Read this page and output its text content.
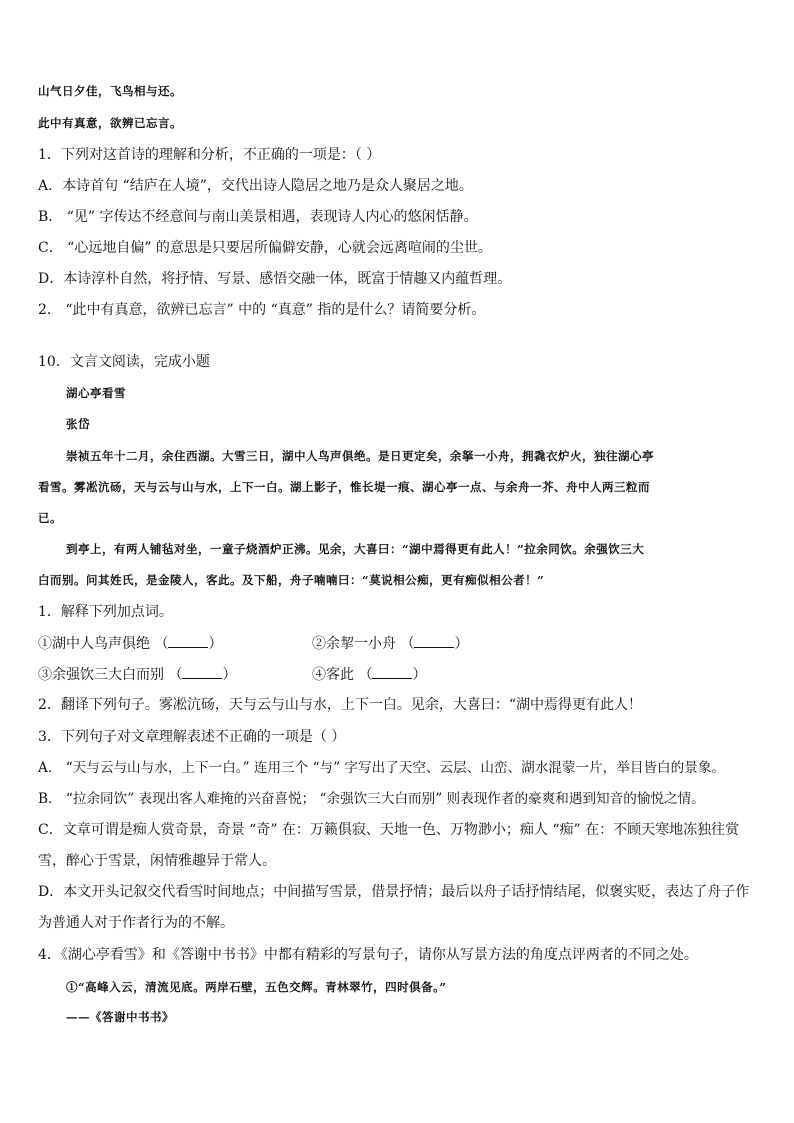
山气日夕佳，飞鸟相与还。
此中有真意，欲辨已忘言。
1．下列对这首诗的理解和分析，不正确的一项是：（ ）
A．本诗首句 “结庐在人境”，交代出诗人隐居之地乃是众人聚居之地。
B． “见” 字传达不经意间与南山美景相遇，表现诗人内心的悠闲恬静。
C． “心远地自偏” 的意思是只要居所偏僻安静，心就会远离喧闹的尘世。
D．本诗淳朴自然，将抒情、写景、感悟交融一体，既富于情趣又内蕴哲理。
2． “此中有真意，欲辨已忘言” 中的 “真意” 指的是什么？请简要分析。
10．文言文阅读，完成小题
湖心亭看雪
张岱
崇祯五年十二月，余住西湖。大雪三日，湖中人鸟声俱绝。是日更定矣，余拏一小舟，拥毳衣炉火，独往湖心亭
看雪。雾凇沆砀，天与云与山与水，上下一白。湖上影子，惟长堤一痕、湖心亭一点、与余舟一芥、舟中人两三粒而
已。
到亭上，有两人铺毡对坐，一童子烧酒炉正沸。见余，大喜曰：“湖中焉得更有此人！”拉余同饮。余强饮三大
白而别。问其姓氏，是金陵人，客此。及下船，舟子喃喃曰：“莫说相公痴，更有痴似相公者！”
1．解释下列加点词。
①湖中人鸟声俱绝 （	）	②余挈一小舟 （	）
③余强饮三大白而别 （	）	④客此 （	）
2．翻译下列句子。雾凇沆砀，天与云与山与水，上下一白。见余，大喜曰：“湖中焉得更有此人！
3．下列句子对文章理解表述不正确的一项是（ ）
A． “天与云与山与水，上下一白。” 连用三个 “与” 字写出了天空、云层、山峦、湖水混蒙一片，举目皆白的景象。
B． “拉余同饮” 表现出客人难掩的兴奋喜悦； “余强饮三大白而别” 则表现作者的豪爽和遇到知音的愉悦之情。
C．文章可谓是痴人赏奇景，奇景 “奇” 在：万籁俱寂、天地一色、万物渺小；痴人 “痴” 在：不顾天寒地冻独往赏
雪，醉心于雪景，闲情雅趣异于常人。
D．本文开头记叙交代看雪时间地点；中间描写雪景，借景抒情；最后以舟子话抒情结尾，似褒实贬，表达了舟子作
为普通人对于作者行为的不解。
4．《湖心亭看雪》和《答谢中书书》中都有精彩的写景句子，请你从写景方法的角度点评两者的不同之处。
①“高峰入云，清流见底。两岸石壁，五色交辉。青林翠竹，四时俱备。”
——《答谢中书书》
